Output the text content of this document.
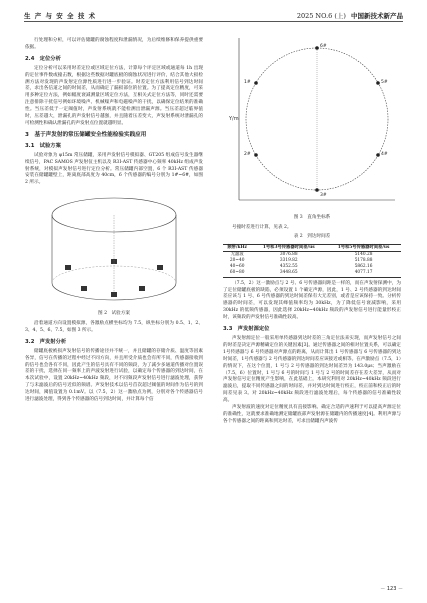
生 产 与 安 全 技 术	2025 NO.6 (上) 中国新技术新产品

行处理和分析，可以评估储罐的腐蚀程度和泄漏情况，为后续维修和保养提供重要依据。

2.4　定位分析

定位分析可以采用时差定位或区域定位方法，计算每个评定区域或通道每 1h 出现的定位事件数或撞击数，根据这些数据对罐底板的腐蚀状况进行评价，结合其他大损检测方法对发现的声发射定位源性质进行进一步验证。时差定位方法利用信号到达时间差，求出各信道之间的时间差，从而确定了漏损部位的位置。为了提高定位精度，可采用多种定位方法，例如幅度衰减测量区域定位方法，互相关式定位方法等，同时还需要注意排除干扰信号例如环境噪声、机械噪声和电磁噪声的干扰，以确保定位结果的准确性。当压差低于一定阈值时，声发射系统就不能检测出泄漏声源。当压差超过临界值时，压差越大，泄漏孔的声发射信号越强，并且随着压差变大，声发射系统对泄漏孔的可检测性和确认泄漏孔的声发射点位置就越明显。

3　基于声发射的常压储罐安全性能检验实践应用
3.1　试验方案

试验对象为 φ15m 常压储罐，采用声发射信号模拟器、GT205 组成信号发生器继续信号，PAC SAMOS 声发射仪主机以及 R3I-AST 传感器中心频率 40kHz 组成声发射系统，对模拟声发射信号进行定位分析。常压储罐内部空置，6 个 R3I-AST 传感器安装在储罐罐壁上，距离底部高度为 40cm，6 个传感器的编号分别为 1#~6#，如图 2 所示。

图 2　试验方案

沿着通道方向设置模拟源，各激励点横坐标均为 7.5，纵坐标分别为 0.5、1、2、3、4、5、6、7.5，如图 3 所示。

3.2　声发射分析

储罐底板被损声发射信号的传播途径并不统一，并且储罐的存储介质、温度等因素各异，信号在传播的过程中经过不同方向，并且所受介质也会有所不同，传感器接收到的信号也会各有不同，因此产生的信号具有不同的频段，为了减少多通道传播对位置误差的干扰，选择在同一频率上的声波发射进行试验，以确定每个传感器的到达时间，在本次试验中，设置 20kHz~40kHz 频段，对不同频段声发射信号进行滤波处理，获得了与未滤波后的信号近似的频谱。声发射技术以信号首次超过阈值的时间作为信号的到达时间，阈值设置为 0.1mV。以（7.5，2）这一激励点为例，分别对各个传感器信号进行滤波处理，得到各个传感器的信号到达时间，并计算每个信

Y/m
6#
5#
4#
3#
2#
1#
图 3　直角坐标系

号撞时差进行计算，见表 2。

表 2　到达时间差
频带/kHz	1号和3号传感器时间差/us	1号和5号传感器时间差/us
无滤波	3076.88	5140.28
20~40	3319.82	5178.88
40~60	4352.55	5862.16
60~80	3448.65	4077.17

（7.5，2）这一激励点与 2 号、6 号传感器间距是一样的，而在声发射探测中，为了定位储罐底板的缺陷，必须设置 1 个确定声源，因此，1 号、2 号传感器的到达时间差应该与 1 号、6 号传感器的到达时间差保有大无差别，或者是应该保持一致。分析传感器的时间差，可以发现其峰值频率均为 30kHz，为了降低信号衰减影响，采用 30kHz 的低频传感器，因此选择 20kHz~40kHz 频段的声发射信号进行能量形校正时，该频段的声发射信号准确性较高。

3.3　声发射源定位

声发射源定位一般采用单传感器到达时差的三角定位法来实现，而声发射信号之间的时差是决定声源精确定位的关键因素[3]。通过传感器之间的相对位置关系，可以确定1号传感器与 6 号传感器对声源点的距离，从而计算出 1 号传感器与 6 号传感器的到达时间差，1号传感器与 2 号传感器的到达时间差应该接近或相等。在声激励点（7.5，1）的情况下，在这个位置，1 号与 2 号传感器的到达时间差异为 143.0μs；当声激励在（7.5，6）位置时，1 号与 6 号的时间与 1 号与 2 号的时间差存在差大差异，从而对声发射信号定位精度产生影响，在此基础上，本研究利用对 20kHz~40kHz 频段进行滤波后，提取不同传感器之间的时间差，并对到达时间进行校正，校正前和校正后的时间差见表 3。对 20kHz~40kHz 频段进行滤波处理后，每个传感器的信号准确性较高。

声发射波的速度对定位精度具有直接影响。确定合适的声速利于可以提高声源定位的准确性，这就要求准确地测定储罐底部声发射源在储罐内的传播速度[4]。利用声源与各个传感器之间的距离和到达时差，可求出储罐内声波传

－ 123 －
